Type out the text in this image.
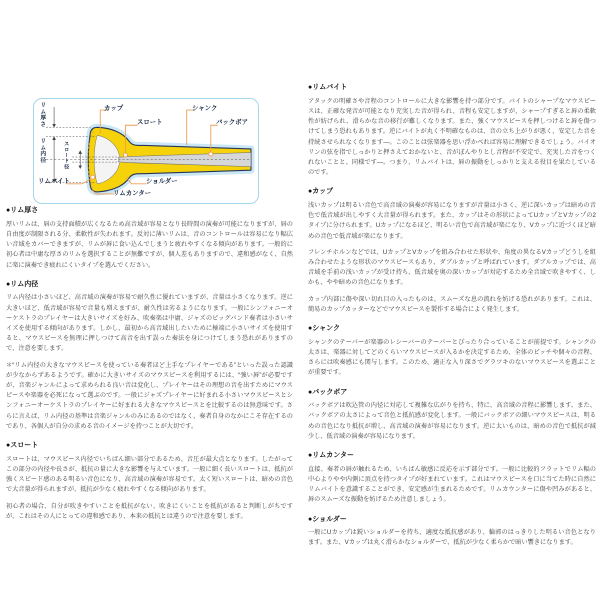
カップ
スロート
シャンク
バックボア
リムバイト	ショルダー
リムカンター
リム厚さ
リム内径	スロート径
●リム厚さ

厚いリムは、唇の支持面積が広くなるため高音域が容易となり長時間の演奏が可能になりますが、唇の自由度が制限される分、柔軟性が失われます。反対に薄いリムは、音のコントロールは容易になり幅広い音域をカバーできますが、リムが唇に食い込んでしまうと疲れやすくなる傾向があります。一般的に初心者は中庸な厚さのリムを選択することが無難ですが、個人差もありますので、違和感がなく、自然に楽に演奏でき疲れにくいタイプを選んでください。

●リム内径

リム内径は小さいほど、高音域の演奏が容易で耐久性に優れていますが、音量は小さくなります。逆に大きいほど、低音域が容易で音量も増えますが、耐久性は劣るようになります。一般にシンフォニーオーケストラのプレイヤーは大きいサイズを好み、吹奏楽は中庸、ジャズのビッグバンド奏者は小さいサイズを使用する傾向があります。しかし、最初から高音域出したいために極端に小さいサイズを使用すると、マウスピースを無理に押しつけて高音を出す誤った奏法を身につけてしまう恐れがありますので、注意を要します。

＊“リム内径の大きなマウスピースを使っている奏者ほど上手なプレイヤーである”といった誤った認識が少なからずあるようです。確かに大きいサイズのマウスピースを利用するには、“強い唇”が必要ですが、音楽ジャンルによって求められる良い音は変化し、プレイヤーはその理想の音を出すためにマウスピースや楽器を必死になって選ぶのです。一般にジャズプレイヤーに好まれる小さいマウスピースとシンフォニーオーケストラのプレイヤーに好まれる大きなマウスピースとを比較するのは無意味です。さらに言えば、リム内径の基準は音楽ジャンルのみにあるのではなく、奏者自身のなかにこそ存在するのであり、各個人が自分の求める音のイメージを持つことが大切です。

●スロート

スロートは、マウスピース内径でいちばん細い部分であるため、音圧が最大点となります。したがってこの部分の内径や長さが、抵抗の量に大きな影響を与えています。一般に細く長いスロートは、抵抗が強くスピード感のある明るい音色になり、高音域の演奏が容易です。太く短いスロートは、暗めの音色で大音量が得られますが、抵抗が少なく疲れやすくなる傾向があります。

初心者の場合、自分が吹きやすいことを抵抗がない、吹きにくいことを抵抗があると判断しがちですが、これはその人にとっての違和感であり、本来の抵抗とは違うので注意を要します。

●リムバイト

アタックの明確さや音程のコントロールに大きな影響を持つ部分です。バイトのシャープなマウスピースは、正確な発音が可能となり充実した音が得られ、音程も安定しますが、シャープすぎると唇の柔軟性が妨げられ、滑らかな音の移行が難しくなります。また、強くマウスピースを押しつけると唇を傷つけてしまう恐れもあります。逆にバイトが丸く不明確なものは、音の立ち上がりが悪く、安定した音を持続させられなくなります―。このことは弦楽器を思い浮かべれば容易に理解できるでしょう。バイオリンの弦を指でしっかりと押さえておかないと、音がぼんやりとし音程が不安定で、充実した音をつくれないことと、同様です―。つまり、リムバイトは、唇の振動をしっかりと支える役目を果たしているのです。

●カップ

浅いカップは明るい音色で高音域の演奏が容易になりますが音量は小さく、逆に深いカップは暗めの音色で低音域が出しやすく大音量が得られます。また、カップはその形状によってUカップとVカップの2タイプに分けられます。Uカップになるほど、明るい音色で高音域が楽になり、Vカップに近づくほど暗めの音色で低音域が楽になります。

フレンチホルンなどでは、UカップとVカップを組み合わせた形状や、角度の異なるVカップどうしを組み合わせたような形状のマウスピースもあり、ダブルカップと呼ばれています。ダブルカップでは、高音域を手前の浅いカップが受け持ち、低音域を奥の深いカップが対応するため全音域で吹きやすく、しかも、やや暗めの音色になります。

カップ内部に傷や深い切れ目の入ったものは、スムーズな息の流れを妨げる恐れがあります。これは、簡易のカップカッターなどでマウスピースを製作する場合によく発生します。

●シャンク

シャンクのテーパーが楽器のレシーバーのテーパーとぴったり合っていることが前提です。シャンクの太さは、楽器に対してどのくらいマウスピースが入るかを決定するため、全体のピッチや個々の音程、さらには吹奏感にも関与します。このため、適正な入り深さでグラツキのないマウスピースを選ぶことが重要です。

●バックボア

バックボアは吹込管の内径に対応して複雑な広がりを持ち、特に、高音域の音程に影響します。また、バックボアの太さによって音色と抵抗感が変化します。一般にバックボアの細いマウスピースは、明るめの音色になり抵抗が増し、高音域の演奏が容易になります。逆に太いものは、暗めの音色で抵抗が減少し、低音域の演奏が容易になります。

●リムカンター

直接、奏者の唇が触れるため、いちばん敏感に反応を示す部分です。一般に比較的フラットでリム幅の中心よりやや内側に頂点を持つタイプが好まれています。これはマウスピースを口に当てた時に自然にリムバイトを意識することができ、安定感が生まれるためです。リムカウンターに傷や凹みがあると、唇のスムーズな振動を妨げるため注意しましょう。

●ショルダー

一般にUカップは鋭いショルダーを持ち、適度な抵抗感があり、輪郭のはっきりした明るい音色となります。また、Vカップは丸く滑らかなショルダーで、抵抗が少なく柔らかで暗い響きになります。
